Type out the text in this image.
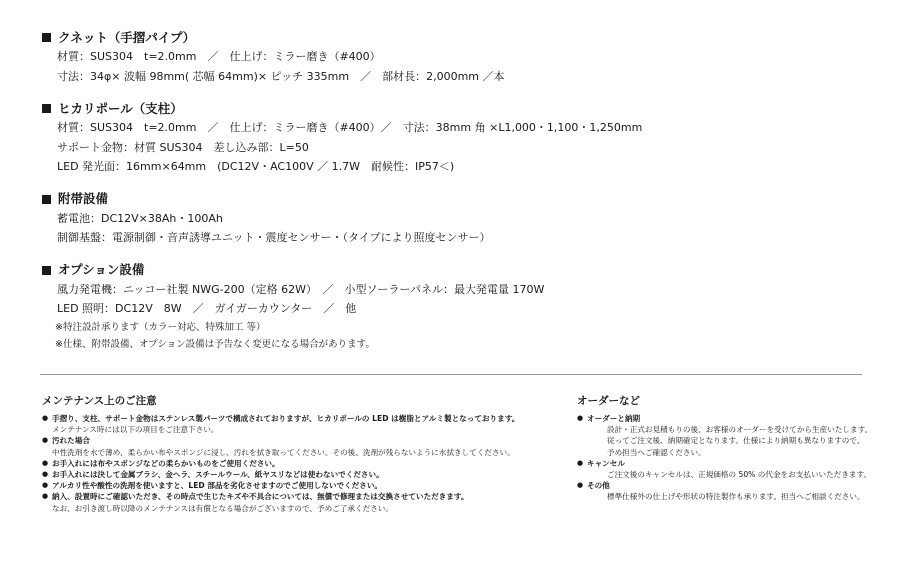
クネット（手摺パイプ）
材質：SUS304　t=2.0mm　／　仕上げ：ミラー磨き（#400）
寸法：34φ× 波幅 98mm( 芯幅 64mm)× ピッチ 335mm　／　部材長：2,000mm ／本
ヒカリポール（支柱）
材質：SUS304　t=2.0mm　／　仕上げ：ミラー磨き（#400）／　寸法：38mm 角 ×L1,000・1,100・1,250mm
サポート金物：材質 SUS304　差し込み部：L=50
LED 発光面：16mm×64mm　(DC12V・AC100V ／ 1.7W　耐候性：IP57＜)
附帯設備
蓄電池：DC12V×38Ah・100Ah
制御基盤：電源制御・音声誘導ユニット・震度センサー・（タイプにより照度センサー）
オプション設備
風力発電機：ニッコー社製 NWG-200（定格 62W）　／　小型ソーラーパネル：最大発電量 170W
LED 照明：DC12V　8W　／　ガイガーカウンター　／　他
※特注設計承ります（カラー対応、特殊加工 等）
※仕様、附帯設備、オプション設備は予告なく変更になる場合があります。
メンテナンス上のご注意
● 手摺り、支柱、サポート金物はステンレス製パーツで構成されておりますが、ヒカリポールの LED は樹脂とアルミ製となっております。
メンテナンス時には以下の項目をご注意下さい。
● 汚れた場合
中性洗剤を水で薄め、柔らかい布やスポンジに浸し、汚れを拭き取ってください。その後、洗剤が残らないように水拭きしてください。
● お手入れには布やスポンジなどの柔らかいものをご使用ください。
● お手入れには決して金属ブラシ、金ヘラ、スチールウール、紙ヤスリなどは使わないでください。
● アルカリ性や酸性の洗剤を使いますと、LED 部品を劣化させますのでご使用しないでください。
● 納入、設置時にご確認いただき、その時点で生じたキズや不具合については、無償で修理または交換させていただきます。
なお、お引き渡し時以降のメンテナンスは有償となる場合がございますので、予めご了承ください。
オーダーなど
● オーダーと納期
設計・正式お見積もりの後、お客様のオーダーを受けてから生産いたします。
従ってご注文後、納期確定となります。仕様により納期も異なりますので、
予め担当へご確認ください。
● キャンセル
ご注文後のキャンセルは、正規価格の 50% の代金をお支払いいただきます。
● その他
標準仕様外の仕上げや形状の特注製作も承ります。担当へご相談ください。
